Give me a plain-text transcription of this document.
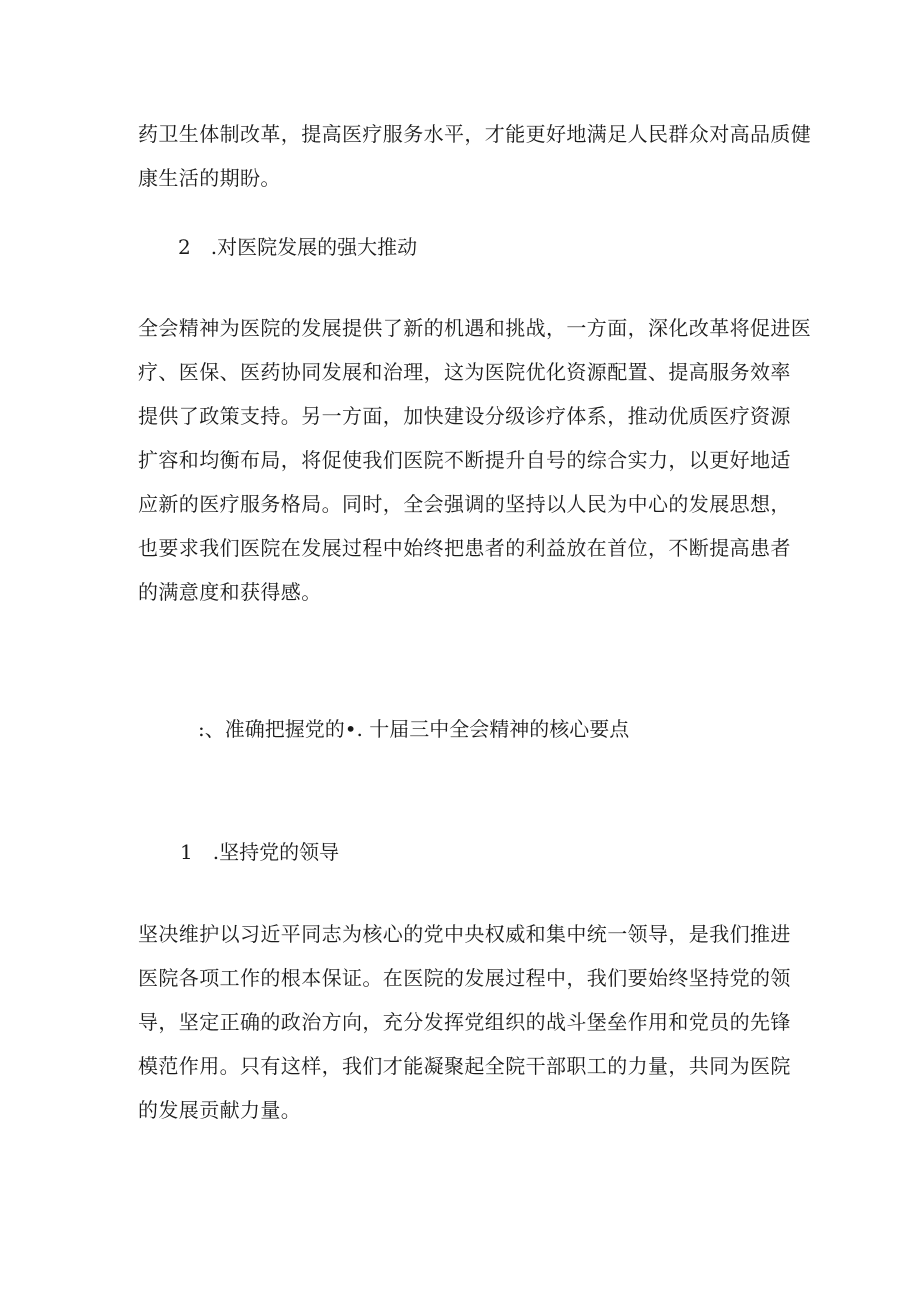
药卫生体制改革，提高医疗服务水平，才能更好地满足人民群众对高品质健
康生活的期盼。

2　.对医院发展的强大推动

全会精神为医院的发展提供了新的机遇和挑战，一方面，深化改革将促进医
疗、医保、医药协同发展和治理，这为医院优化资源配置、提高服务效率
提供了政策支持。另一方面，加快建设分级诊疗体系，推动优质医疗资源
扩容和均衡布局，将促使我们医院不断提升自号的综合实力，以更好地适
应新的医疗服务格局。同时，全会强调的坚持以人民为中心的发展思想，
也要求我们医院在发展过程中始终把患者的利益放在首位，不断提高患者
的满意度和获得感。

:、准确把握党的•. 十届三中全会精神的核心要点
1　.坚持党的领导

坚决维护以习近平同志为核心的党中央权威和集中统一领导，是我们推进
医院各项工作的根本保证。在医院的发展过程中，我们要始终坚持党的领
导，坚定正确的政治方向，充分发挥党组织的战斗堡垒作用和党员的先锋
模范作用。只有这样，我们才能凝聚起全院干部职工的力量，共同为医院
的发展贡献力量。
